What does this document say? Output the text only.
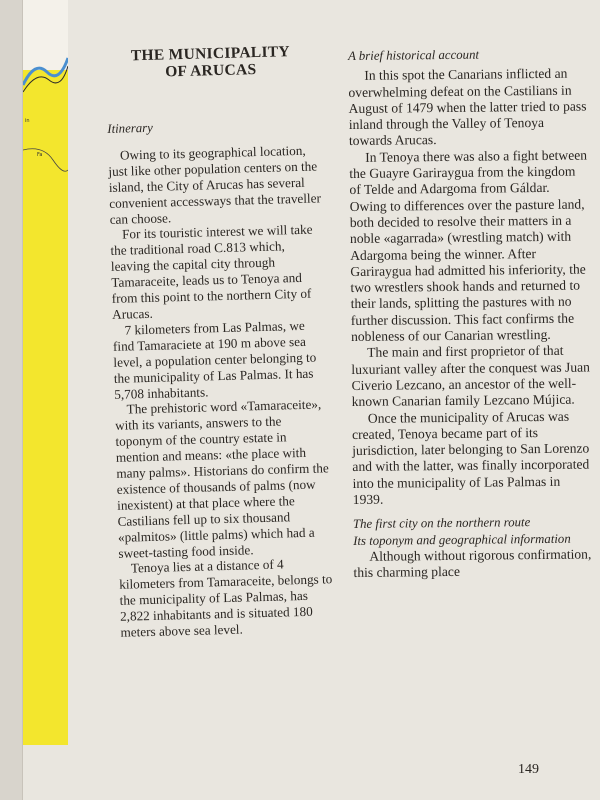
in
Fa
THE MUNICIPALITY
OF ARUCAS
Itinerary

Owing to its geographical location, just like other population centers on the island, the City of Arucas has several convenient accessways that the traveller can choose.

For its touristic interest we will take the traditional road C.813 which, leaving the capital city through Tamaraceite, leads us to Tenoya and from this point to the northern City of Arucas.

7 kilometers from Las Palmas, we find Tamaraciete at 190 m above sea level, a population center belonging to the municipality of Las Palmas. It has 5,708 inhabitants.

The prehistoric word «Tamaraceite», with its variants, answers to the toponym of the country estate in mention and means: «the place with many palms». Historians do confirm the existence of thousands of palms (now inexistent) at that place where the Castilians fell up to six thousand «palmitos» (little palms) which had a sweet-tasting food inside.

Tenoya lies at a distance of 4 kilometers from Tamaraceite, belongs to the municipality of Las Palmas, has 2,822 inhabitants and is situated 180 meters above sea level.

A brief historical account

In this spot the Canarians inflicted an overwhelming defeat on the Castilians in August of 1479 when the latter tried to pass inland through the Valley of Tenoya towards Arucas.

In Tenoya there was also a fight between the Guayre Gariraygua from the kingdom of Telde and Adargoma from Gáldar. Owing to differences over the pasture land, both decided to resolve their matters in a noble «agarrada» (wrestling match) with Adargoma being the winner. After Gariraygua had admitted his inferiority, the two wrestlers shook hands and returned to their lands, splitting the pastures with no further discussion. This fact confirms the nobleness of our Canarian wrestling.

The main and first proprietor of that luxuriant valley after the conquest was Juan Civerio Lezcano, an ancestor of the well-known Canarian family Lezcano Mújica.

Once the municipality of Arucas was created, Tenoya became part of its jurisdiction, later belonging to San Lorenzo and with the latter, was finally incorporated into the municipality of Las Palmas in 1939.

The first city on the northern route
Its toponym and geographical information

Although without rigorous confirmation, this charming place

149
